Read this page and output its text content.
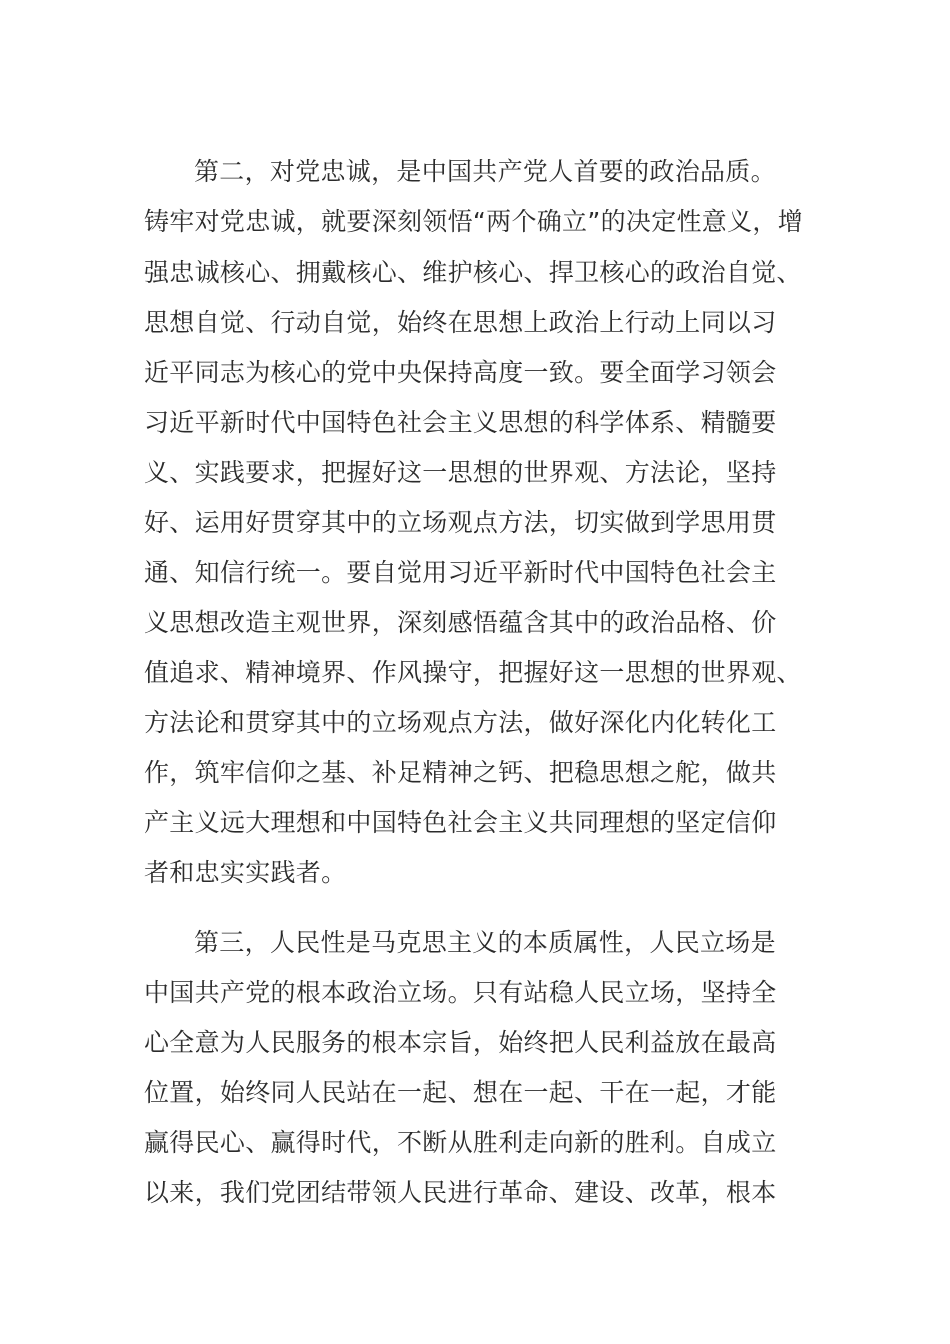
第二，对党忠诚，是中国共产党人首要的政治品质。
铸牢对党忠诚，就要深刻领悟“两个确立”的决定性意义，增
强忠诚核心、拥戴核心、维护核心、捍卫核心的政治自觉、
思想自觉、行动自觉，始终在思想上政治上行动上同以习
近平同志为核心的党中央保持高度一致。要全面学习领会
习近平新时代中国特色社会主义思想的科学体系、精髓要
义、实践要求，把握好这一思想的世界观、方法论，坚持
好、运用好贯穿其中的立场观点方法，切实做到学思用贯
通、知信行统一。要自觉用习近平新时代中国特色社会主
义思想改造主观世界，深刻感悟蕴含其中的政治品格、价
值追求、精神境界、作风操守，把握好这一思想的世界观、
方法论和贯穿其中的立场观点方法，做好深化内化转化工
作，筑牢信仰之基、补足精神之钙、把稳思想之舵，做共
产主义远大理想和中国特色社会主义共同理想的坚定信仰
者和忠实实践者。
第三，人民性是马克思主义的本质属性，人民立场是
中国共产党的根本政治立场。只有站稳人民立场，坚持全
心全意为人民服务的根本宗旨，始终把人民利益放在最高
位置，始终同人民站在一起、想在一起、干在一起，才能
赢得民心、赢得时代，不断从胜利走向新的胜利。自成立
以来，我们党团结带领人民进行革命、建设、改革，根本
